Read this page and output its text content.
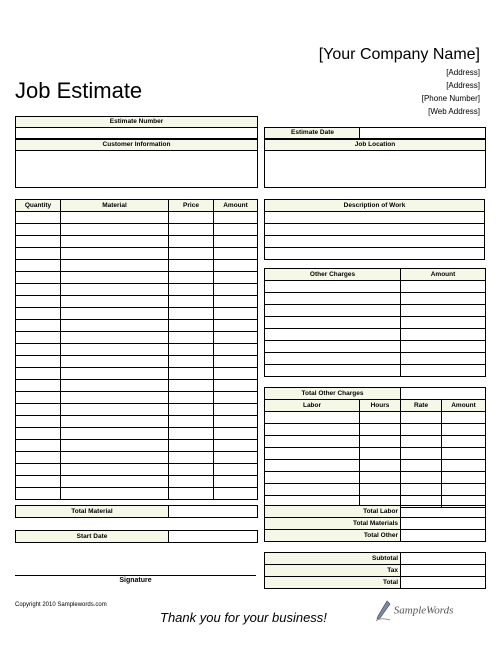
[Your Company Name]
[Address]
[Address]
[Phone Number]
[Web Address]
Job Estimate
Estimate Number
Customer Information
Estimate Date
Job Location
Quantity	Material	Price	Amount

Total Material	
Start Date	
Signature
Description of Work

Other Charges	Amount

Total Other Charges			
Labor	Hours	Rate	Amount

Total Labor	
Total Materials	
Total Other	
Subtotal	
Tax	
Total	
Copyright 2010 Samplewords.com
Thank you for your business!	SampleWords
